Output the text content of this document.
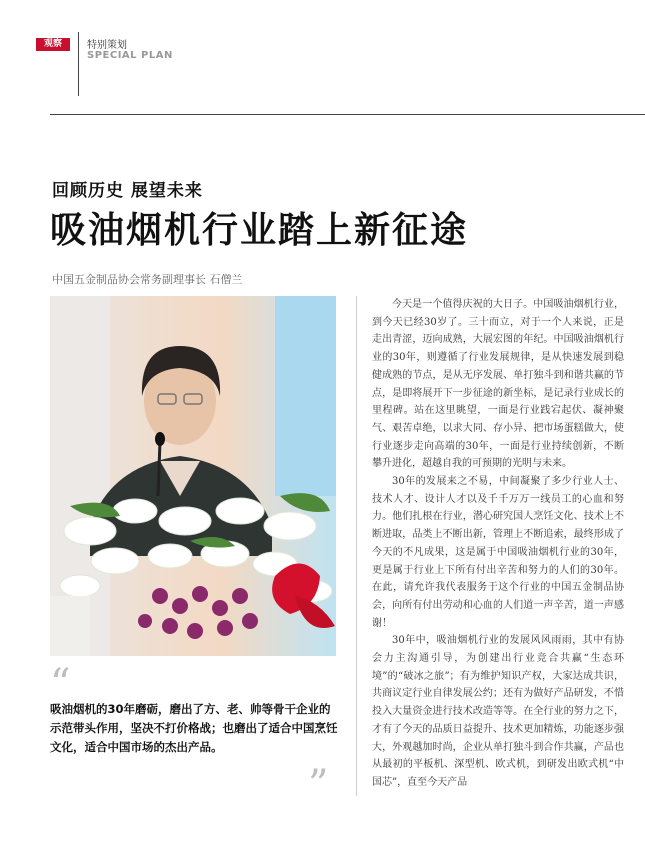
观察	特别策划
SPECIAL PLAN
回顾历史 展望未来
吸油烟机行业踏上新征途
中国五金制品协会常务副理事长 石僧兰
“
吸油烟机的30年磨砺，磨出了方、老、帅等骨干企业的示范带头作用，坚决不打价格战；也磨出了适合中国烹饪文化，适合中国市场的杰出产品。
”

今天是一个值得庆祝的大日子。中国吸油烟机行业，到今天已经30岁了。三十而立，对于一个人来说，正是走出青涩，迈向成熟，大展宏图的年纪。中国吸油烟机行业的30年，则遵循了行业发展规律，是从快速发展到稳健成熟的节点，是从无序发展、单打独斗到和谐共赢的节点，是即将展开下一步征途的新坐标，是记录行业成长的里程碑。站在这里眺望，一面是行业践宕起伏、凝神聚气、艰苦卓绝，以求大同、存小异、把市场蛋糕做大，使行业逐步走向高端的30年，一面是行业持续创新，不断攀升进化，超越自我的可预期的光明与未来。

30年的发展来之不易，中间凝聚了多少行业人士、技术人才、设计人才以及千千万万一线员工的心血和努力。他们扎根在行业，潜心研究国人烹饪文化、技术上不断进取，品类上不断出新，管理上不断追索，最终形成了今天的不凡成果，这是属于中国吸油烟机行业的30年，更是属于行业上下所有付出辛苦和努力的人们的30年。在此，请允许我代表服务于这个行业的中国五金制品协会，向所有付出劳动和心血的人们道一声辛苦，道一声感谢！

30年中，吸油烟机行业的发展风风雨雨，其中有协会力主沟通引导，为创建出行业竞合共赢“生态环境”的“破冰之旅”；有为维护知识产权，大家达成共识，共商议定行业自律发展公约；还有为做好产品研发，不惜投入大量资金进行技术改造等等。在全行业的努力之下，才有了今天的品质日益提升、技术更加精炼，功能逐步强大，外观越加时尚，企业从单打独斗到合作共赢，产品也从最初的平板机、深型机、欧式机，到研发出欧式机“中国芯”，直至今天产品
